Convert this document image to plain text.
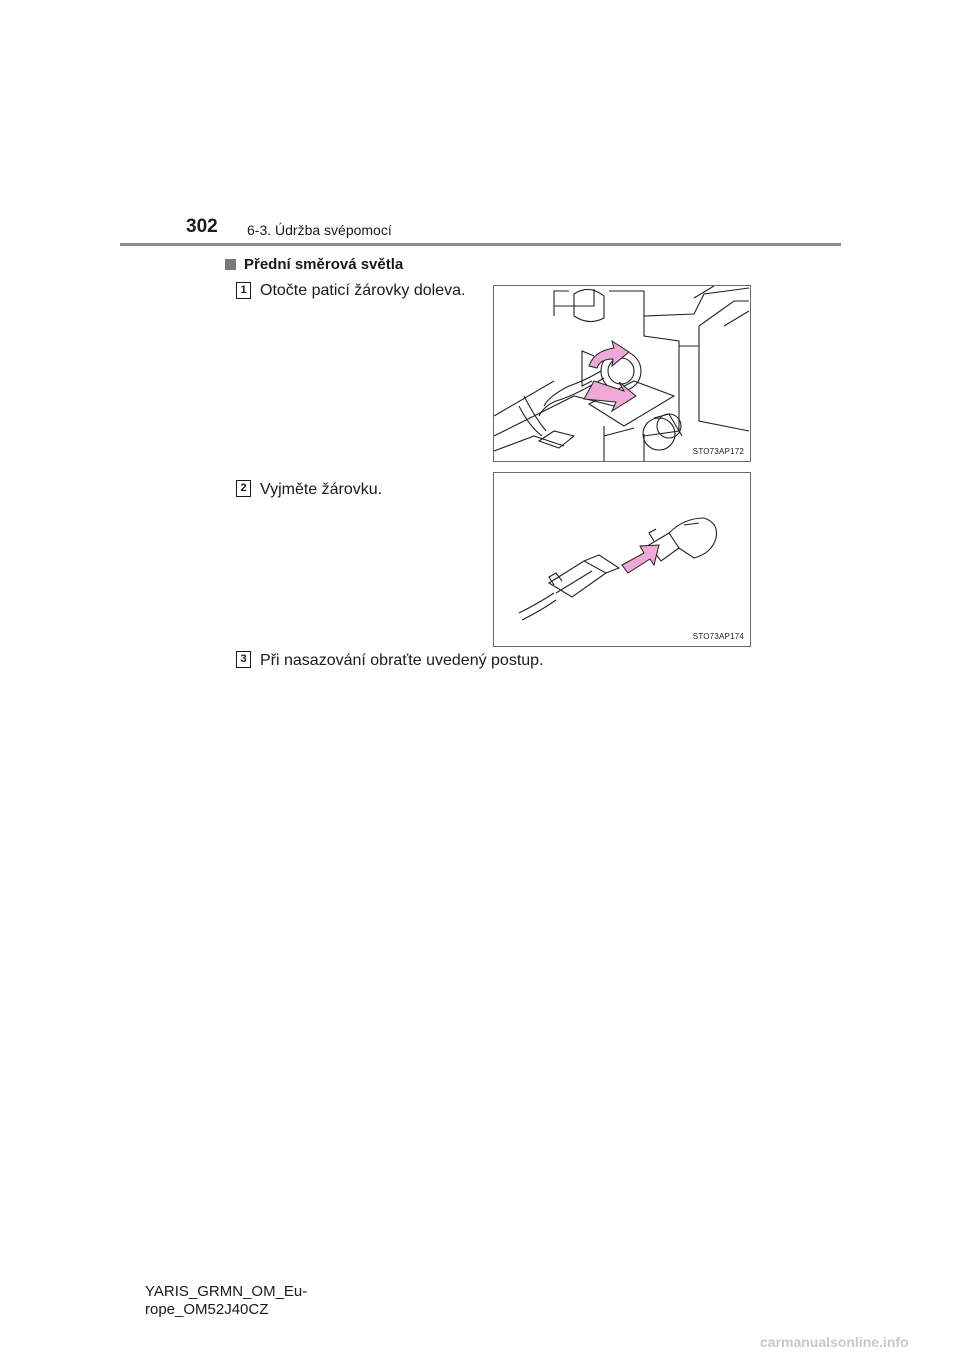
302 6-3. Údržba svépomocí
Přední směrová světla
1 Otočte paticí žárovky doleva.
STO73AP172
2 Vyjměte žárovku.
STO73AP174
3 Při nasazování obraťte uvedený postup.
YARIS_GRMN_OM_Eu-
rope_OM52J40CZ
carmanualsonline.info
